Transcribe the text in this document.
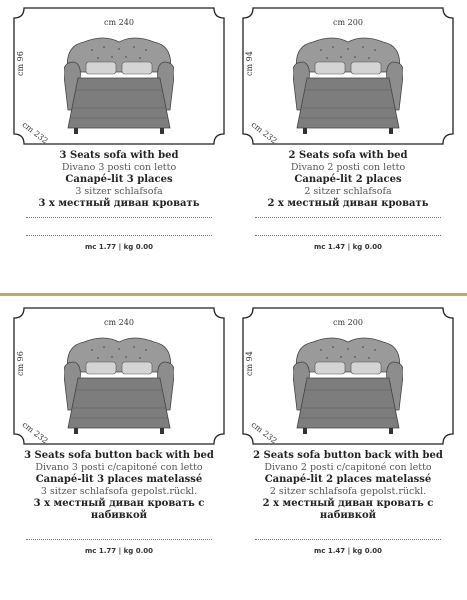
cm 240
cm 96
cm 232
3 Seats sofa with bed
Divano 3 posti con letto
Canapé-lit 3 places
3 sitzer schlafsofa
3 х местный диван кровать
mc 1.77 | kg 0.00
cm 200
cm 94
cm 232
2 Seats sofa with bed
Divano 2 posti con letto
Canapé-lit 2 places
2 sitzer schlafsofa
2 х местный диван кровать
mc 1.47 | kg 0.00
cm 240
cm 96
cm 232
3 Seats sofa button back with bed
Divano 3 posti c/capitoné con letto
Canapé-lit 3 places matelassé
3 sitzer schlafsofa gepolst.rückl.
3 х местный диван кровать с набивкой
mc 1.77 | kg 0.00
cm 200
cm 94
cm 232
2 Seats sofa button back with bed
Divano 2 posti c/capitoné con letto
Canapé-lit 2 places matelassé
2 sitzer schlafsofa gepolst.rückl.
2 х местный диван кровать с набивкой
mc 1.47 | kg 0.00
